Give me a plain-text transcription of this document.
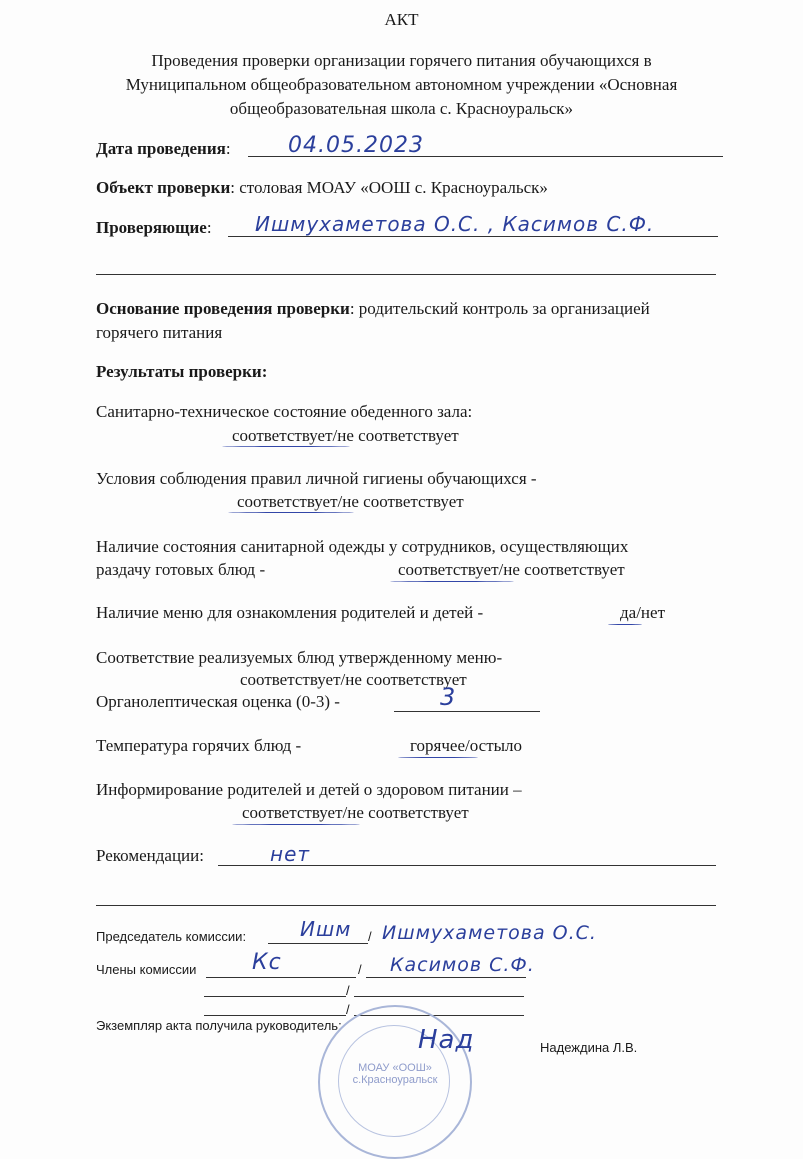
АКТ
Проведения проверки организации горячего питания обучающихся в
Муниципальном общеобразовательном автономном учреждении «Основная
общеобразовательная школа с. Красноуральск»
Дата проведения:	04.05.2023
Объект проверки: столовая МОАУ «ООШ с. Красноуральск»
Проверяющие: Ишмухаметова О.С. , Касимов С.Ф.
Основание проведения проверки: родительский контроль за организацией
горячего питания
Результаты проверки:
Санитарно-техническое состояние обеденного зала:
соответствует/не соответствует
Условия соблюдения правил личной гигиены обучающихся -
соответствует/не соответствует
Наличие состояния санитарной одежды у сотрудников, осуществляющих
раздачу готовых блюд -	соответствует/не соответствует
Наличие меню для ознакомления родителей и детей -	да/нет
Соответствие реализуемых блюд утвержденному меню-
соответствует/не соответствует
Органолептическая оценка (0-3) -	3
Температура горячих блюд -	горячее/остыло
Информирование родителей и детей о здоровом питании –
соответствует/не соответствует
Рекомендации:	нет
Председатель комиссии:	Ишм / Ишмухаметова О.С.
Члены комиссии	Кс	/ Касимов С.Ф.
/
/
Экземпляр акта получила руководитель:
МОАУ «ООШ»
с.Красноуральск
Над	Надеждина Л.В.
